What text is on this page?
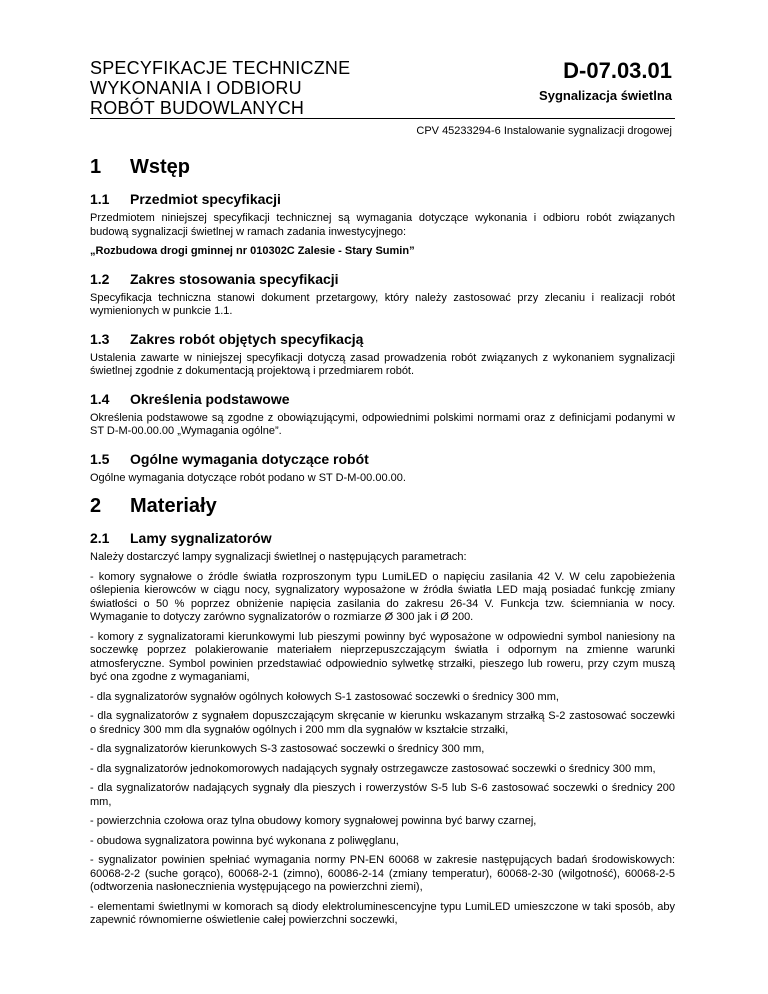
SPECYFIKACJE TECHNICZNE
WYKONANIA I ODBIORU
ROBÓT BUDOWLANYCH
D-07.03.01
Sygnalizacja świetlna
CPV 45233294-6 Instalowanie sygnalizacji drogowej
1	Wstęp
1.1	Przedmiot specyfikacji

Przedmiotem niniejszej specyfikacji technicznej są wymagania dotyczące wykonania i odbioru robót związanych budową sygnalizacji świetlnej w ramach zadania inwestycyjnego:

„Rozbudowa drogi gminnej nr 010302C Zalesie - Stary Sumin”

1.2	Zakres stosowania specyfikacji

Specyfikacja techniczna stanowi dokument przetargowy, który należy zastosować przy zlecaniu i realizacji robót wymienionych w punkcie 1.1.

1.3	Zakres robót objętych specyfikacją

Ustalenia zawarte w niniejszej specyfikacji dotyczą zasad prowadzenia robót związanych z wykonaniem sygnalizacji świetlnej zgodnie z dokumentacją projektową i przedmiarem robót.

1.4	Określenia podstawowe

Określenia podstawowe są zgodne z obowiązującymi, odpowiednimi polskimi normami oraz z definicjami podanymi w ST D-M-00.00.00 „Wymagania ogólne”.

1.5	Ogólne wymagania dotyczące robót

Ogólne wymagania dotyczące robót podano w ST D-M-00.00.00.

2	Materiały
2.1	Lamy sygnalizatorów

Należy dostarczyć lampy sygnalizacji świetlnej o następujących parametrach:

- komory sygnałowe o źródle światła rozproszonym typu LumiLED o napięciu zasilania 42 V. W celu zapobieżenia oślepienia kierowców w ciągu nocy, sygnalizatory wyposażone w źródła światła LED mają posiadać funkcję zmiany światłości o 50 % poprzez obniżenie napięcia zasilania do zakresu 26-34 V. Funkcja tzw. ściemniania w nocy. Wymaganie to dotyczy zarówno sygnalizatorów o rozmiarze Ø 300 jak i Ø 200.

- komory z sygnalizatorami kierunkowymi lub pieszymi powinny być wyposażone w odpowiedni symbol naniesiony na soczewkę poprzez polakierowanie materiałem nieprzepuszczającym światła i odpornym na zmienne warunki atmosferyczne. Symbol powinien przedstawiać odpowiednio sylwetkę strzałki, pieszego lub roweru, przy czym muszą być ona zgodne z wymaganiami,

- dla sygnalizatorów sygnałów ogólnych kołowych S-1 zastosować soczewki o średnicy 300 mm,

- dla sygnalizatorów z sygnałem dopuszczającym skręcanie w kierunku wskazanym strzałką S-2 zastosować soczewki o średnicy 300 mm dla sygnałów ogólnych i 200 mm dla sygnałów w kształcie strzałki,

- dla sygnalizatorów kierunkowych S-3 zastosować soczewki o średnicy 300 mm,

- dla sygnalizatorów jednokomorowych nadających sygnały ostrzegawcze zastosować soczewki o średnicy 300 mm,

- dla sygnalizatorów nadających sygnały dla pieszych i rowerzystów S-5 lub S-6 zastosować soczewki o średnicy 200 mm,

- powierzchnia czołowa oraz tylna obudowy komory sygnałowej powinna być barwy czarnej,

- obudowa sygnalizatora powinna być wykonana z poliwęglanu,

- sygnalizator powinien spełniać wymagania normy PN-EN 60068 w zakresie następujących badań środowiskowych: 60068-2-2 (suche gorąco), 60068-2-1 (zimno), 60086-2-14 (zmiany temperatur), 60068-2-30 (wilgotność), 60068-2-5 (odtworzenia nasłonecznienia występującego na powierzchni ziemi),

- elementami świetlnymi w komorach są diody elektroluminescencyjne typu LumiLED umieszczone w taki sposób, aby zapewnić równomierne oświetlenie całej powierzchni soczewki,
